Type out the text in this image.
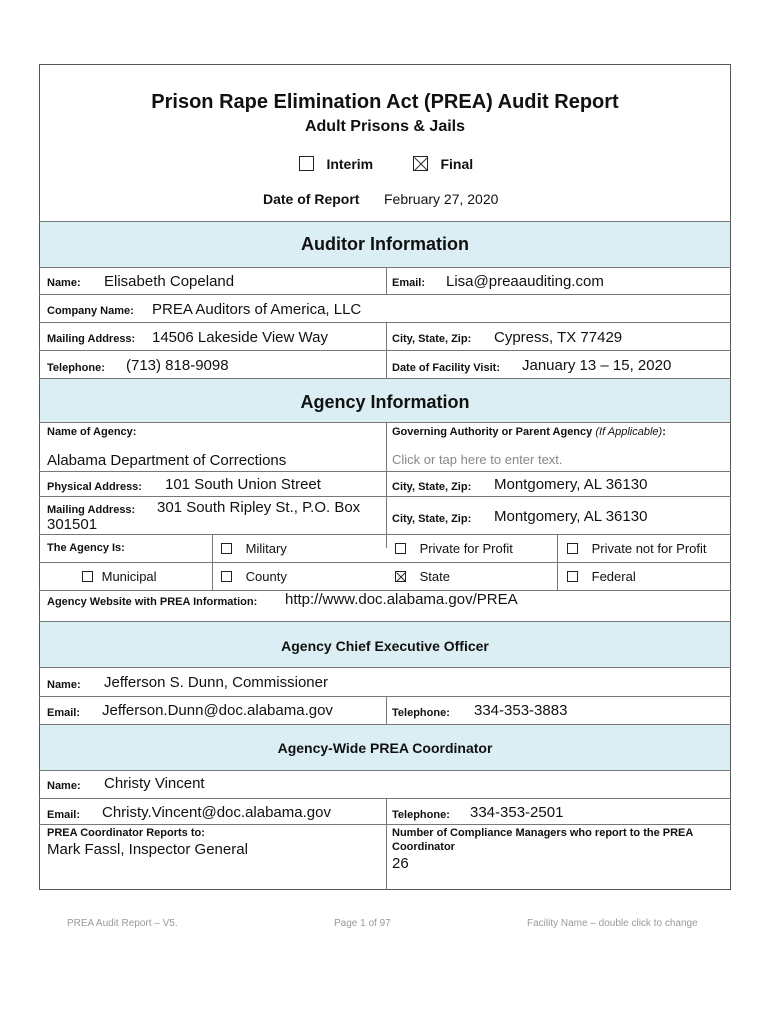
Prison Rape Elimination Act (PREA) Audit Report
Adult Prisons & Jails
Interim	Final
Date of Report February 27, 2020
Auditor Information
Name: Elisabeth Copeland	Email: Lisa@preaauditing.com
Company Name: PREA Auditors of America, LLC
Mailing Address: 14506 Lakeside View Way	City, State, Zip: Cypress, TX 77429
Telephone: (713) 818-9098	Date of Facility Visit: January 13 – 15, 2020
Agency Information
Name of Agency:
Alabama Department of Corrections
Governing Authority or Parent Agency (If Applicable):
Click or tap here to enter text.
Physical Address: 101 South Union Street	City, State, Zip: Montgomery, AL 36130
Mailing Address: 301 South Ripley St., P.O. Box
301501	City, State, Zip: Montgomery, AL 36130
The Agency Is:	Military	Private for Profit	Private not for Profit
Municipal	County	State	Federal
Agency Website with PREA Information: http://www.doc.alabama.gov/PREA
Agency Chief Executive Officer
Name: Jefferson S. Dunn, Commissioner
Email: Jefferson.Dunn@doc.alabama.gov	Telephone: 334-353-3883
Agency-Wide PREA Coordinator
Name: Christy Vincent
Email: Christy.Vincent@doc.alabama.gov	Telephone: 334-353-2501
PREA Coordinator Reports to:
Mark Fassl, Inspector General
Number of Compliance Managers who report to the PREA
Coordinator
26
PREA Audit Report – V5.	Page 1 of 97	Facility Name – double click to change
